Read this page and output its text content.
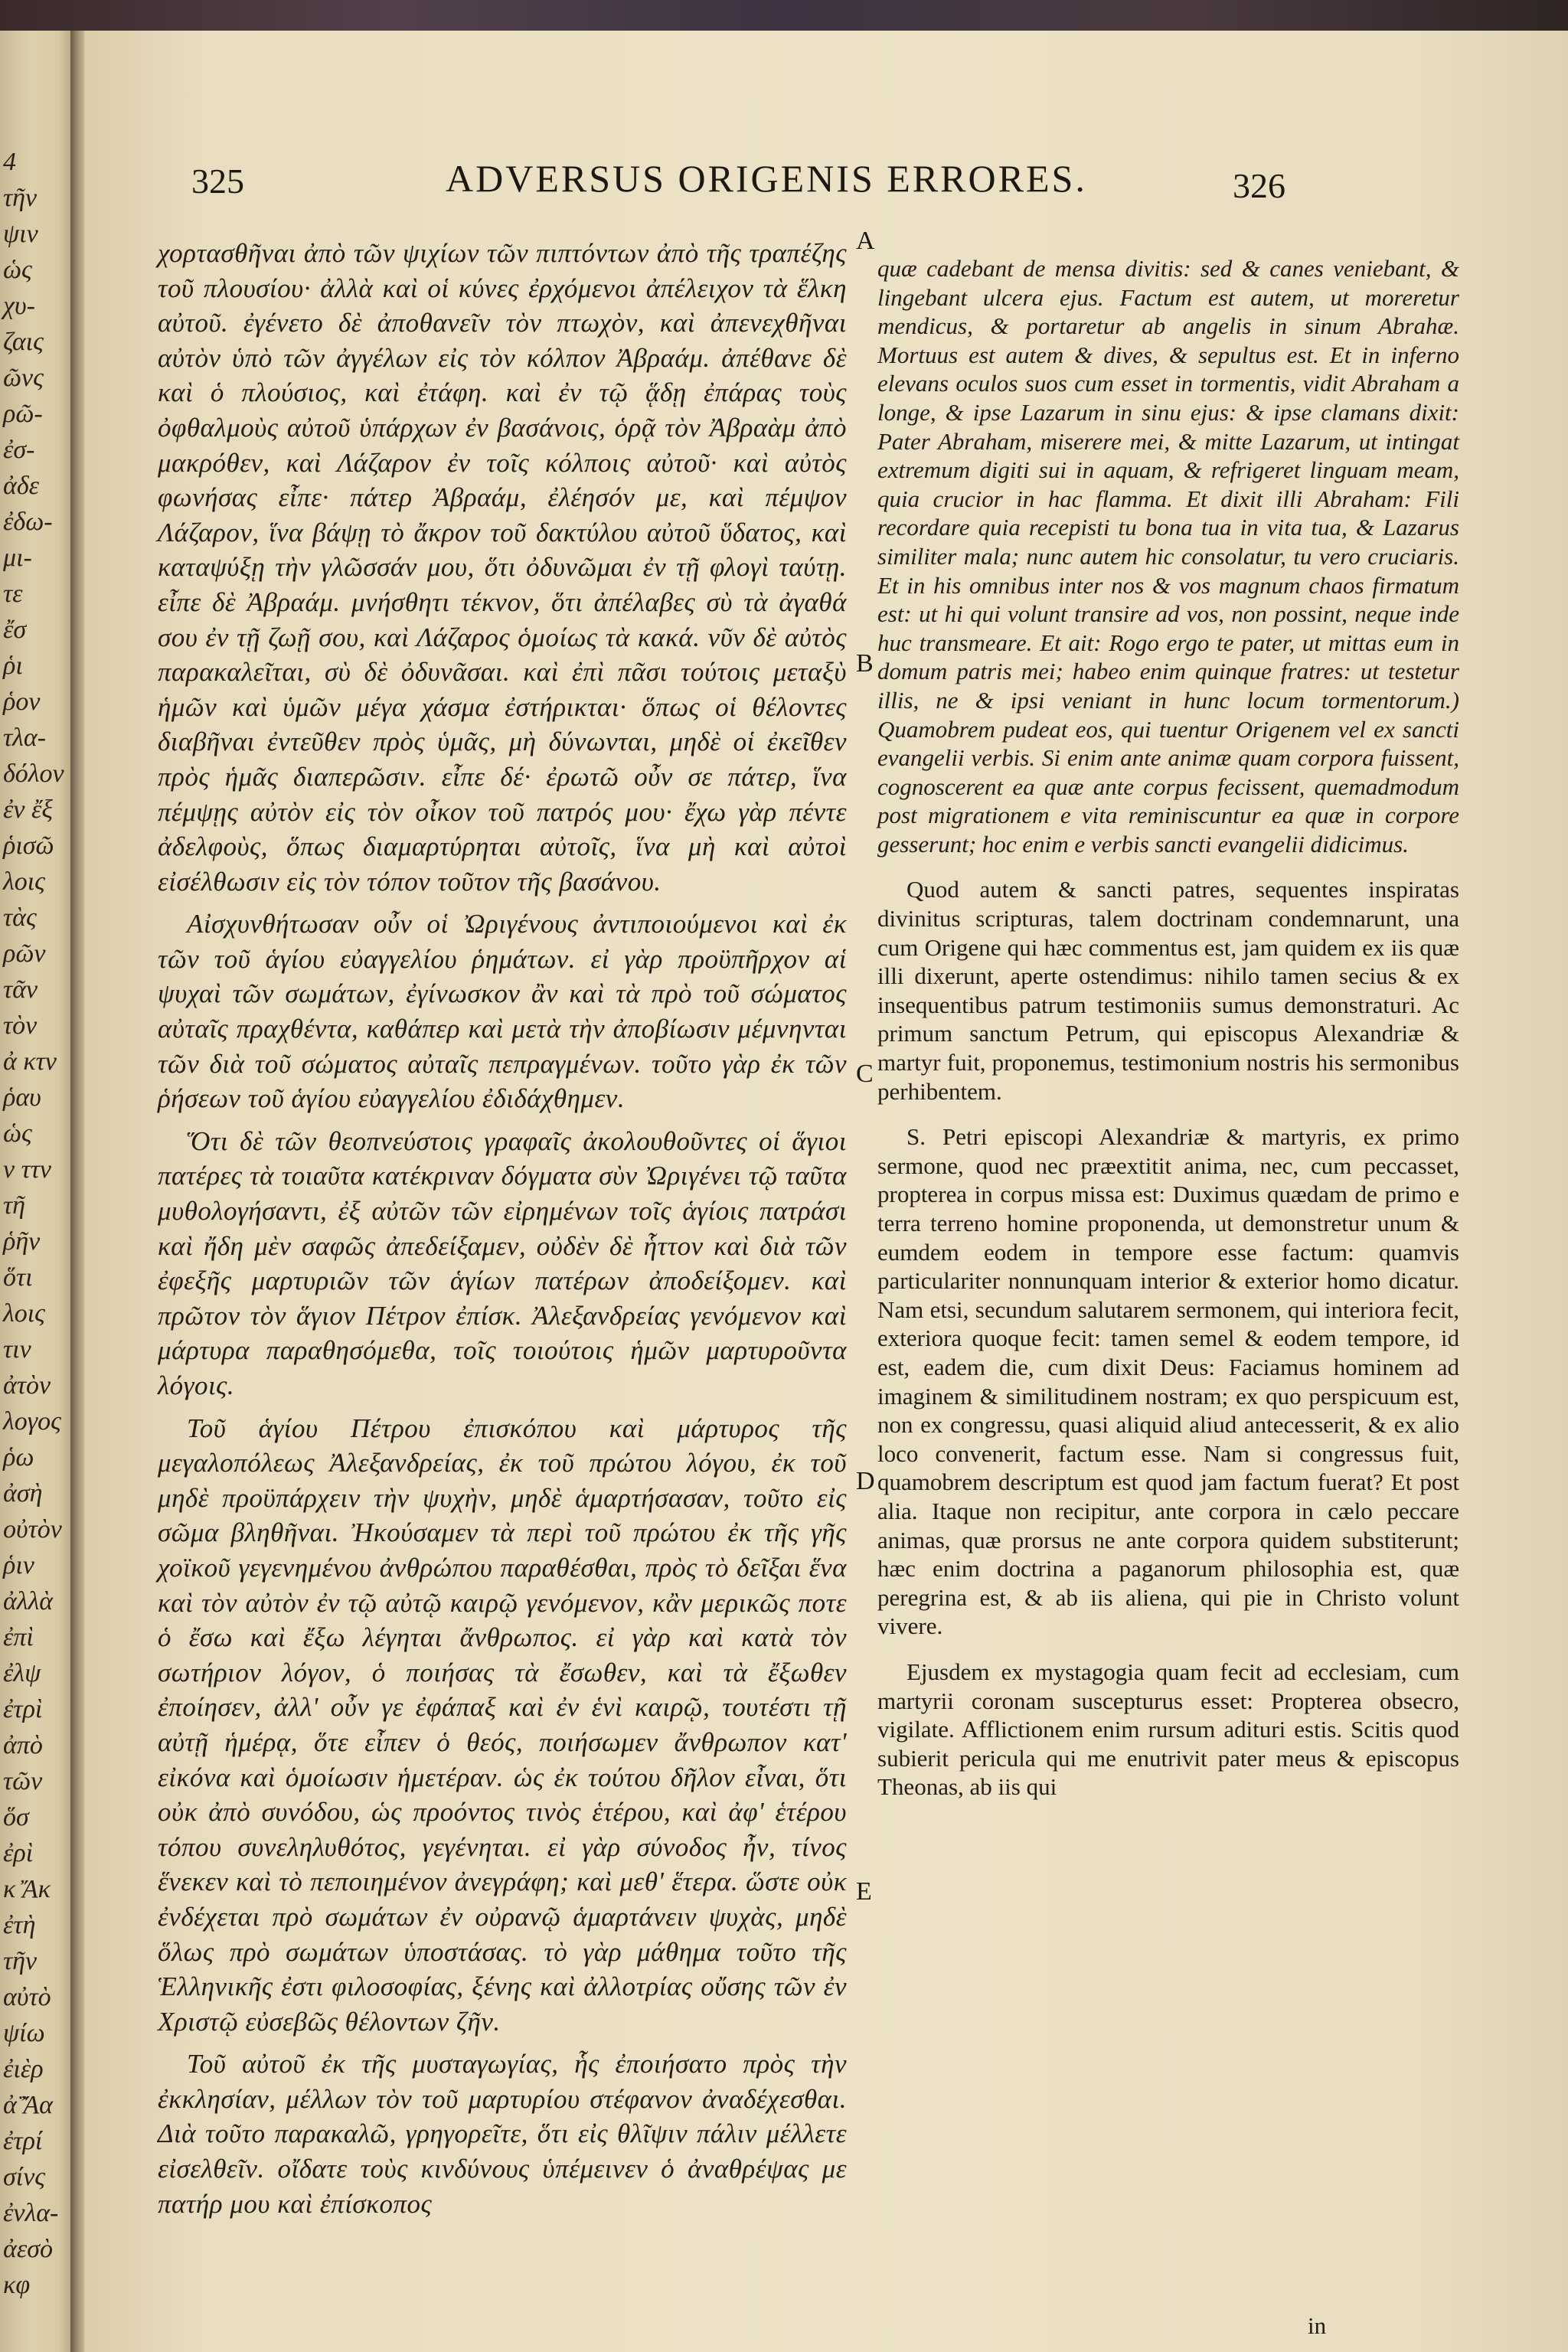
4
τῆν
ψιν
ὡς
χυ-
ζαις
ῶνς
ρῶ-
ἐσ-
ἀδε
ἐδω-
μι-
τε
ἔσ
ῥι
ῥον
τλα-
δόλον
ἐν ἔξ
ῥισῶ
λοις
τὰς
ρῶν
τᾶν
τὸν
ἀ κτν
ῥαυ
ὡς
ν ττν
τῆ
ῥῆν
ὅτι
λοις
τιν
ἀτὸν
λογος
ῥω
ἀσὴ
οὐτὸν
ῥιν
ἀλλὰ
ἐπὶ
ἐλψ
ἐτρὶ
ἀπὸ
τῶν
ὅσ
ἐρὶ
κ Ἄκ
ἐτὴ
τῆν
αὐτὸ
ψίω
ἐιὲρ
ἀ̈ Ἄα
ἐτρί
σίνς
ἐνλα-
ἀεσὸ
κφ
325	ADVERSUS ORIGENIS ERRORES.	326

χορτασθῆναι ἀπὸ τῶν ψιχίων τῶν πιπτόντων ἀπὸ τῆς τραπέζης τοῦ πλουσίου· ἀλλὰ καὶ οἱ κύνες ἐρχόμενοι ἀπέλειχον τὰ ἕλκη αὐτοῦ. ἐγένετο δὲ ἀποθανεῖν τὸν πτωχὸν, καὶ ἀπενεχθῆναι αὐτὸν ὑπὸ τῶν ἀγγέλων εἰς τὸν κόλπον Ἀβραάμ. ἀπέθανε δὲ καὶ ὁ πλούσιος, καὶ ἐτάφη. καὶ ἐν τῷ ᾅδῃ ἐπάρας τοὺς ὀφθαλμοὺς αὐτοῦ ὑπάρχων ἐν βασάνοις, ὁρᾷ τὸν Ἀβραὰμ ἀπὸ μακρόθεν, καὶ Λάζαρον ἐν τοῖς κόλποις αὐτοῦ· καὶ αὐτὸς φωνήσας εἶπε· πάτερ Ἀβραάμ, ἐλέησόν με, καὶ πέμψον Λάζαρον, ἵνα βάψῃ τὸ ἄκρον τοῦ δακτύλου αὐτοῦ ὕδατος, καὶ καταψύξῃ τὴν γλῶσσάν μου, ὅτι ὀδυνῶμαι ἐν τῇ φλογὶ ταύτῃ. εἶπε δὲ Ἀβραάμ. μνήσθητι τέκνον, ὅτι ἀπέλαβες σὺ τὰ ἀγαθά σου ἐν τῇ ζωῇ σου, καὶ Λάζαρος ὁμοίως τὰ κακά. νῦν δὲ αὐτὸς παρακαλεῖται, σὺ δὲ ὀδυνᾶσαι. καὶ ἐπὶ πᾶσι τούτοις μεταξὺ ἡμῶν καὶ ὑμῶν μέγα χάσμα ἐστήρικται· ὅπως οἱ θέλοντες διαβῆναι ἐντεῦθεν πρὸς ὑμᾶς, μὴ δύνωνται, μηδὲ οἱ ἐκεῖθεν πρὸς ἡμᾶς διαπερῶσιν. εἶπε δέ· ἐρωτῶ οὖν σε πάτερ, ἵνα πέμψῃς αὐτὸν εἰς τὸν οἶκον τοῦ πατρός μου· ἔχω γὰρ πέντε ἀδελφοὺς, ὅπως διαμαρτύρηται αὐτοῖς, ἵνα μὴ καὶ αὐτοὶ εἰσέλθωσιν εἰς τὸν τόπον τοῦτον τῆς βασάνου.

Αἰσχυνθήτωσαν οὖν οἱ Ὠριγένους ἀντιποιούμενοι καὶ ἐκ τῶν τοῦ ἁγίου εὐαγγελίου ῥημάτων. εἰ γὰρ προϋπῆρχον αἱ ψυχαὶ τῶν σωμάτων, ἐγίνωσκον ἂν καὶ τὰ πρὸ τοῦ σώματος αὐταῖς πραχθέντα, καθάπερ καὶ μετὰ τὴν ἀποβίωσιν μέμνηνται τῶν διὰ τοῦ σώματος αὐταῖς πεπραγμένων. τοῦτο γὰρ ἐκ τῶν ῥήσεων τοῦ ἁγίου εὐαγγελίου ἐδιδάχθημεν.

Ὅτι δὲ τῶν θεοπνεύστοις γραφαῖς ἀκολουθοῦντες οἱ ἅγιοι πατέρες τὰ τοιαῦτα κατέκριναν δόγματα σὺν Ὠριγένει τῷ ταῦτα μυθολογήσαντι, ἐξ αὐτῶν τῶν εἰρημένων τοῖς ἁγίοις πατράσι καὶ ἤδη μὲν σαφῶς ἀπεδείξαμεν, οὐδὲν δὲ ἧττον καὶ διὰ τῶν ἐφεξῆς μαρτυριῶν τῶν ἁγίων πατέρων ἀποδείξομεν. καὶ πρῶτον τὸν ἅγιον Πέτρον ἐπίσκ. Ἀλεξανδρείας γενόμενον καὶ μάρτυρα παραθησόμεθα, τοῖς τοιούτοις ἡμῶν μαρτυροῦντα λόγοις.

Τοῦ ἁγίου Πέτρου ἐπισκόπου καὶ μάρτυρος τῆς μεγαλοπόλεως Ἀλεξανδρείας, ἐκ τοῦ πρώτου λόγου, ἐκ τοῦ μηδὲ προϋπάρχειν τὴν ψυχὴν, μηδὲ ἁμαρτήσασαν, τοῦτο εἰς σῶμα βληθῆναι. Ἠκούσαμεν τὰ περὶ τοῦ πρώτου ἐκ τῆς γῆς χοϊκοῦ γεγενημένου ἀνθρώπου παραθέσθαι, πρὸς τὸ δεῖξαι ἕνα καὶ τὸν αὐτὸν ἐν τῷ αὐτῷ καιρῷ γενόμενον, κἂν μερικῶς ποτε ὁ ἔσω καὶ ἔξω λέγηται ἄνθρωπος. εἰ γὰρ καὶ κατὰ τὸν σωτήριον λόγον, ὁ ποιήσας τὰ ἔσωθεν, καὶ τὰ ἔξωθεν ἐποίησεν, ἀλλ' οὖν γε ἐφάπαξ καὶ ἐν ἑνὶ καιρῷ, τουτέστι τῇ αὐτῇ ἡμέρᾳ, ὅτε εἶπεν ὁ θεός, ποιήσωμεν ἄνθρωπον κατ' εἰκόνα καὶ ὁμοίωσιν ἡμετέραν. ὡς ἐκ τούτου δῆλον εἶναι, ὅτι οὐκ ἀπὸ συνόδου, ὡς προόντος τινὸς ἑτέρου, καὶ ἀφ' ἑτέρου τόπου συνεληλυθότος, γεγένηται. εἰ γὰρ σύνοδος ἦν, τίνος ἕνεκεν καὶ τὸ πεποιημένον ἀνεγράφη; καὶ μεθ' ἕτερα. ὥστε οὐκ ἐνδέχεται πρὸ σωμάτων ἐν οὐρανῷ ἁμαρτάνειν ψυχὰς, μηδὲ ὅλως πρὸ σωμάτων ὑποστάσας. τὸ γὰρ μάθημα τοῦτο τῆς Ἑλληνικῆς ἐστι φιλοσοφίας, ξένης καὶ ἀλλοτρίας οὔσης τῶν ἐν Χριστῷ εὐσεβῶς θέλοντων ζῆν.

Τοῦ αὐτοῦ ἐκ τῆς μυσταγωγίας, ἧς ἐποιήσατο πρὸς τὴν ἐκκλησίαν, μέλλων τὸν τοῦ μαρτυρίου στέφανον ἀναδέχεσθαι. Διὰ τοῦτο παρακαλῶ, γρηγορεῖτε, ὅτι εἰς θλῖψιν πάλιν μέλλετε εἰσελθεῖν. οἴδατε τοὺς κινδύνους ὑπέμεινεν ὁ ἀναθρέψας με πατήρ μου καὶ ἐπίσκοπος

A
B
C
D
E

quæ cadebant de mensa divitis: sed & canes veniebant, & lingebant ulcera ejus. Factum est autem, ut moreretur mendicus, & portaretur ab angelis in sinum Abrahæ. Mortuus est autem & dives, & sepultus est. Et in inferno elevans oculos suos cum esset in tormentis, vidit Abraham a longe, & ipse Lazarum in sinu ejus: & ipse clamans dixit: Pater Abraham, miserere mei, & mitte Lazarum, ut intingat extremum digiti sui in aquam, & refrigeret linguam meam, quia crucior in hac flamma. Et dixit illi Abraham: Fili recordare quia recepisti tu bona tua in vita tua, & Lazarus similiter mala; nunc autem hic consolatur, tu vero cruciaris. Et in his omnibus inter nos & vos magnum chaos firmatum est: ut hi qui volunt transire ad vos, non possint, neque inde huc transmeare. Et ait: Rogo ergo te pater, ut mittas eum in domum patris mei; habeo enim quinque fratres: ut testetur illis, ne & ipsi veniant in hunc locum tormentorum.) Quamobrem pudeat eos, qui tuentur Origenem vel ex sancti evangelii verbis. Si enim ante animæ quam corpora fuissent, cognoscerent ea quæ ante corpus fecissent, quemadmodum post migrationem e vita reminiscuntur ea quæ in corpore gesserunt; hoc enim e verbis sancti evangelii didicimus.

Quod autem & sancti patres, sequentes inspiratas divinitus scripturas, talem doctrinam condemnarunt, una cum Origene qui hæc commentus est, jam quidem ex iis quæ illi dixerunt, aperte ostendimus: nihilo tamen secius & ex insequentibus patrum testimoniis sumus demonstraturi. Ac primum sanctum Petrum, qui episcopus Alexandriæ & martyr fuit, proponemus, testimonium nostris his sermonibus perhibentem.

S. Petri episcopi Alexandriæ & martyris, ex primo sermone, quod nec præextitit anima, nec, cum peccasset, propterea in corpus missa est: Duximus quædam de primo e terra terreno homine proponenda, ut demonstretur unum & eumdem eodem in tempore esse factum: quamvis particulariter nonnunquam interior & exterior homo dicatur. Nam etsi, secundum salutarem sermonem, qui interiora fecit, exteriora quoque fecit: tamen semel & eodem tempore, id est, eadem die, cum dixit Deus: Faciamus hominem ad imaginem & similitudinem nostram; ex quo perspicuum est, non ex congressu, quasi aliquid aliud antecesserit, & ex alio loco convenerit, factum esse. Nam si congressus fuit, quamobrem descriptum est quod jam factum fuerat? Et post alia. Itaque non recipitur, ante corpora in cælo peccare animas, quæ prorsus ne ante corpora quidem substiterunt; hæc enim doctrina a paganorum philosophia est, quæ peregrina est, & ab iis aliena, qui pie in Christo volunt vivere.

Ejusdem ex mystagogia quam fecit ad ecclesiam, cum martyrii coronam suscepturus esset: Propterea obsecro, vigilate. Afflictionem enim rursum adituri estis. Scitis quod subierit pericula qui me enutrivit pater meus & episcopus Theonas, ab iis qui

in
